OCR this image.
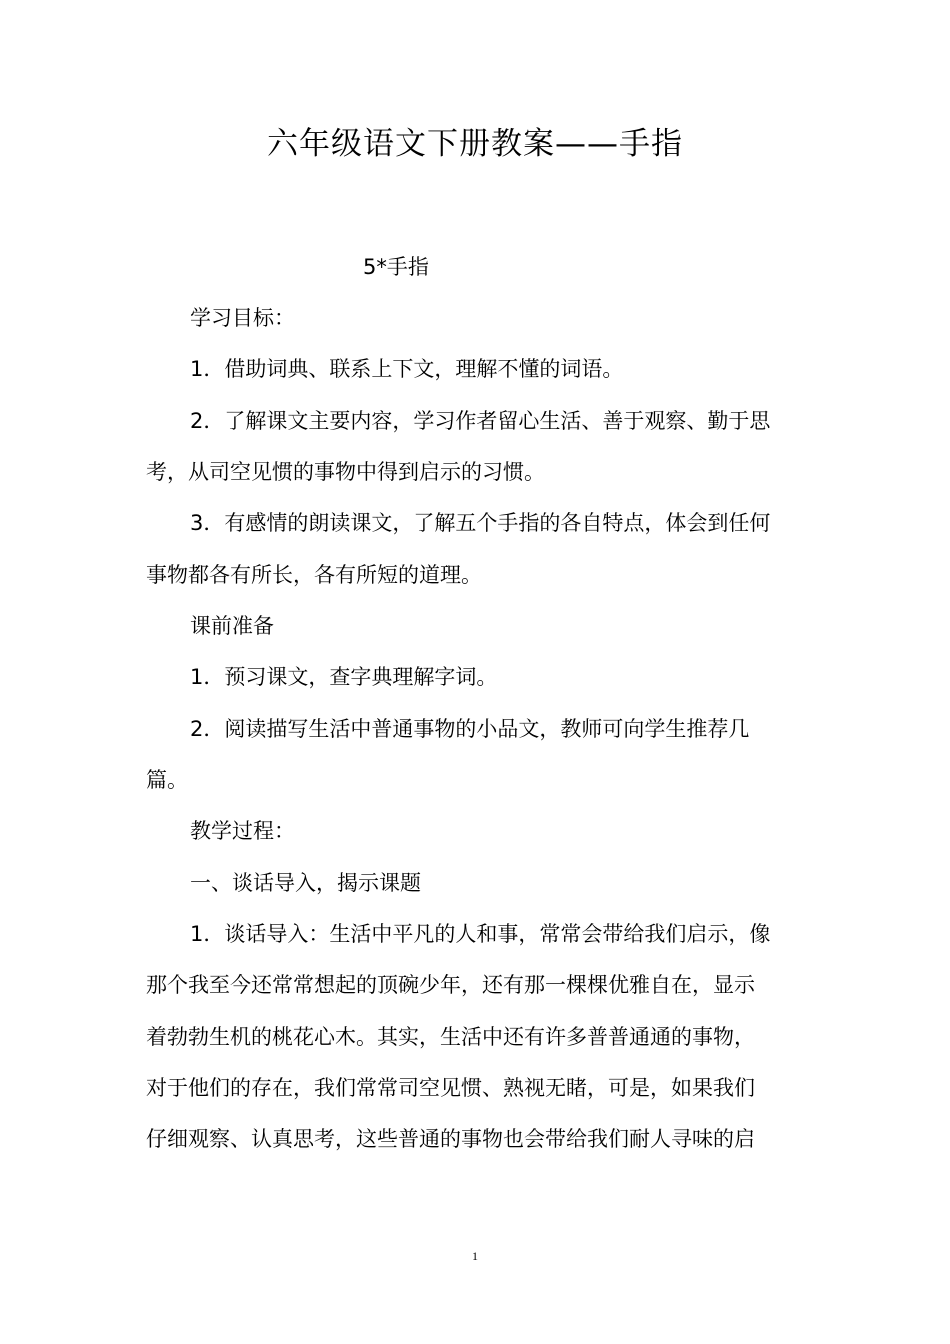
六年级语文下册教案——手指
5*手指
学习目标：
1．借助词典、联系上下文，理解不懂的词语。
2．了解课文主要内容，学习作者留心生活、善于观察、勤于思
考，从司空见惯的事物中得到启示的习惯。
3．有感情的朗读课文，了解五个手指的各自特点，体会到任何
事物都各有所长，各有所短的道理。
课前准备
1．预习课文，查字典理解字词。
2．阅读描写生活中普通事物的小品文，教师可向学生推荐几
篇。
教学过程：
一、谈话导入，揭示课题
1．谈话导入：生活中平凡的人和事，常常会带给我们启示，像
那个我至今还常常想起的顶碗少年，还有那一棵棵优雅自在，显示
着勃勃生机的桃花心木。其实，生活中还有许多普普通通的事物，
对于他们的存在，我们常常司空见惯、熟视无睹，可是，如果我们
仔细观察、认真思考，这些普通的事物也会带给我们耐人寻味的启
1
